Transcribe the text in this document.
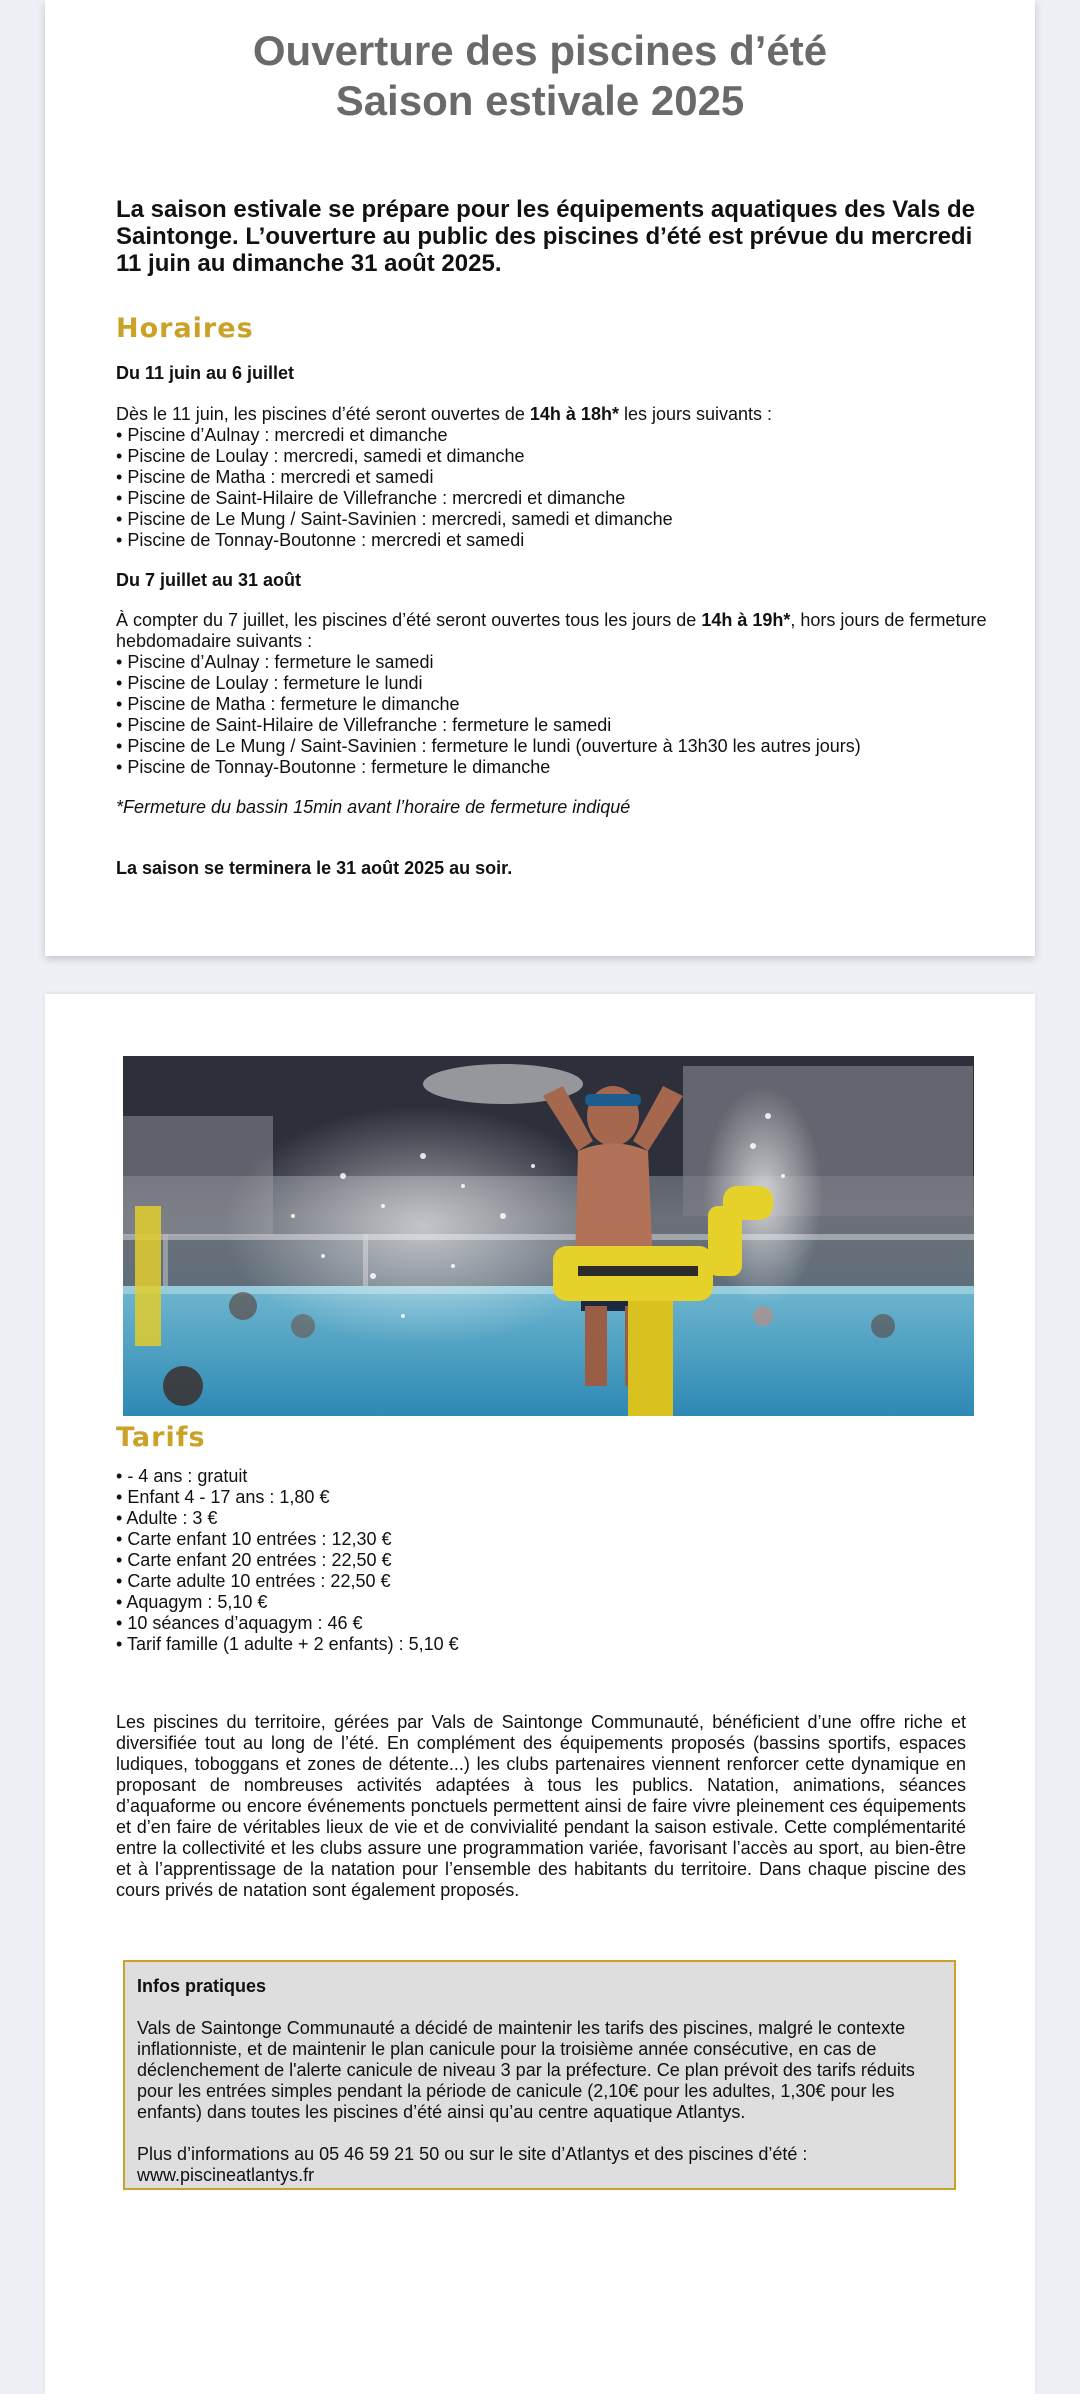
Ouverture des piscines d’été
Saison estivale 2025
La saison estivale se prépare pour les équipements aquatiques des Vals de Saintonge. L’ouverture au public des piscines d’été est prévue du mercredi 11 juin au dimanche 31 août 2025.
Horaires

Du 11 juin au 6 juillet

Dès le 11 juin, les piscines d’été seront ouvertes de 14h à 18h* les jours suivants :

• Piscine d’Aulnay : mercredi et dimanche

• Piscine de Loulay : mercredi, samedi et dimanche

• Piscine de Matha : mercredi et samedi

• Piscine de Saint-Hilaire de Villefranche : mercredi et dimanche

• Piscine de Le Mung / Saint-Savinien : mercredi, samedi et dimanche

• Piscine de Tonnay-Boutonne : mercredi et samedi

Du 7 juillet au 31 août

À compter du 7 juillet, les piscines d’été seront ouvertes tous les jours de 14h à 19h*, hors jours de fermeture hebdomadaire suivants :

• Piscine d’Aulnay : fermeture le samedi

• Piscine de Loulay : fermeture le lundi

• Piscine de Matha : fermeture le dimanche

• Piscine de Saint-Hilaire de Villefranche : fermeture le samedi

• Piscine de Le Mung / Saint-Savinien : fermeture le lundi (ouverture à 13h30 les autres jours)

• Piscine de Tonnay-Boutonne : fermeture le dimanche

*Fermeture du bassin 15min avant l’horaire de fermeture indiqué
La saison se terminera le 31 août 2025 au soir.
Tarifs

• - 4 ans : gratuit

• Enfant 4 - 17 ans : 1,80 €

• Adulte : 3 €

• Carte enfant 10 entrées : 12,30 €

• Carte enfant 20 entrées : 22,50 €

• Carte adulte 10 entrées : 22,50 €

• Aquagym : 5,10 €

• 10 séances d’aquagym : 46 €

• Tarif famille (1 adulte + 2 enfants) : 5,10 €

Les piscines du territoire, gérées par Vals de Saintonge Communauté, bénéficient d’une offre riche et diversifiée tout au long de l’été. En complément des équipements proposés (bassins sportifs, espaces ludiques, toboggans et zones de détente...) les clubs partenaires viennent renforcer cette dynamique en proposant de nombreuses activités adaptées à tous les publics. Natation, animations, séances d’aquaforme ou encore événements ponctuels permettent ainsi de faire vivre pleinement ces équipements et d’en faire de véritables lieux de vie et de convivialité pendant la saison estivale. Cette complémentarité entre la collectivité et les clubs assure une programmation variée, favorisant l’accès au sport, au bien-être et à l’apprentissage de la natation pour l’ensemble des habitants du territoire. Dans chaque piscine des cours privés de natation sont également proposés.

Infos pratiques

Vals de Saintonge Communauté a décidé de maintenir les tarifs des piscines, malgré le contexte inflationniste, et de maintenir le plan canicule pour la troisième année consécutive, en cas de déclenchement de l'alerte canicule de niveau 3 par la préfecture. Ce plan prévoit des tarifs réduits pour les entrées simples pendant la période de canicule (2,10€ pour les adultes, 1,30€ pour les enfants) dans toutes les piscines d’été ainsi qu’au centre aquatique Atlantys.

Plus d’informations au 05 46 59 21 50 ou sur le site d’Atlantys et des piscines d’été : www.piscineatlantys.fr
